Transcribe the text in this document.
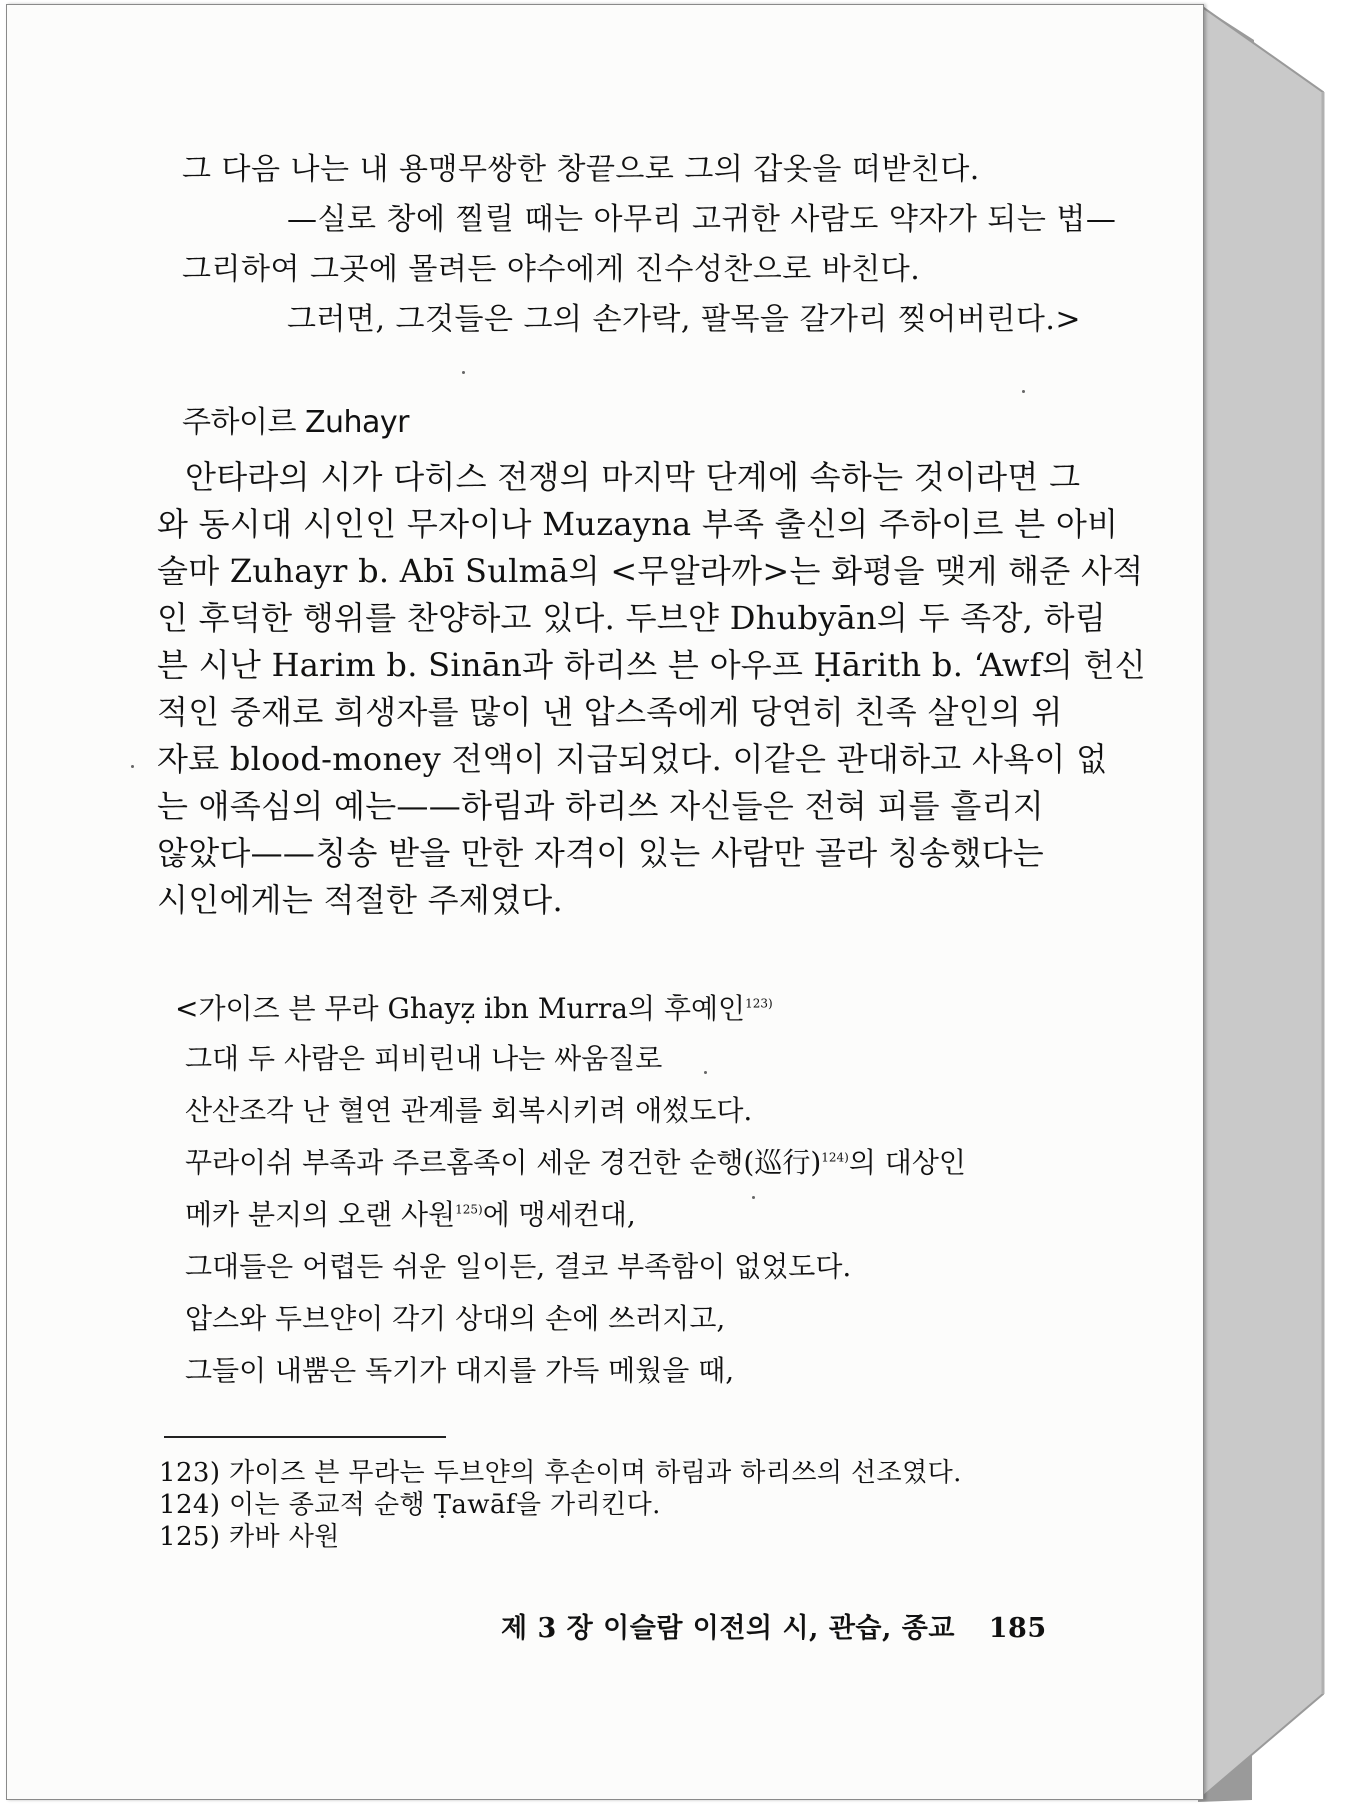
그 다음 나는 내 용맹무쌍한 창끝으로 그의 갑옷을 떠받친다.
—실로 창에 찔릴 때는 아무리 고귀한 사람도 약자가 되는 법—
그리하여 그곳에 몰려든 야수에게 진수성찬으로 바친다.
그러면, 그것들은 그의 손가락, 팔목을 갈가리 찢어버린다.>
주하이르 Zuhayr
안타라의 시가 다히스 전쟁의 마지막 단계에 속하는 것이라면 그
와 동시대 시인인 무자이나 Muzayna 부족 출신의 주하이르 븐 아비
술마 Zuhayr b. Abī Sulmā의 <무알라까>는 화평을 맺게 해준 사적
인 후덕한 행위를 찬양하고 있다. 두브얀 Dhubyān의 두 족장, 하림
븐 시난 Harim b. Sinān과 하리쓰 븐 아우프 Ḥārith b. ʻAwf의 헌신
적인 중재로 희생자를 많이 낸 압스족에게 당연히 친족 살인의 위
자료 blood-money 전액이 지급되었다. 이같은 관대하고 사욕이 없
는 애족심의 예는——하림과 하리쓰 자신들은 전혀 피를 흘리지
않았다——칭송 받을 만한 자격이 있는 사람만 골라 칭송했다는
시인에게는 적절한 주제였다.
<가이즈 븐 무라 Ghayẓ ibn Murra의 후예인$^{123)}$
그대 두 사람은 피비린내 나는 싸움질로
산산조각 난 혈연 관계를 회복시키려 애썼도다.
꾸라이쉬 부족과 주르홈족이 세운 경건한 순행(巡行)$^{124)}$의 대상인
메카 분지의 오랜 사원$^{125)}$에 맹세컨대,
그대들은 어렵든 쉬운 일이든, 결코 부족함이 없었도다.
압스와 두브얀이 각기 상대의 손에 쓰러지고,
그들이 내뿜은 독기가 대지를 가득 메웠을 때,
123) 가이즈 븐 무라는 두브얀의 후손이며 하림과 하리쓰의 선조였다.
124) 이는 종교적 순행 Ṭawāf을 가리킨다.
125) 카바 사원
제 3 장 이슬람 이전의 시, 관습, 종교 185
